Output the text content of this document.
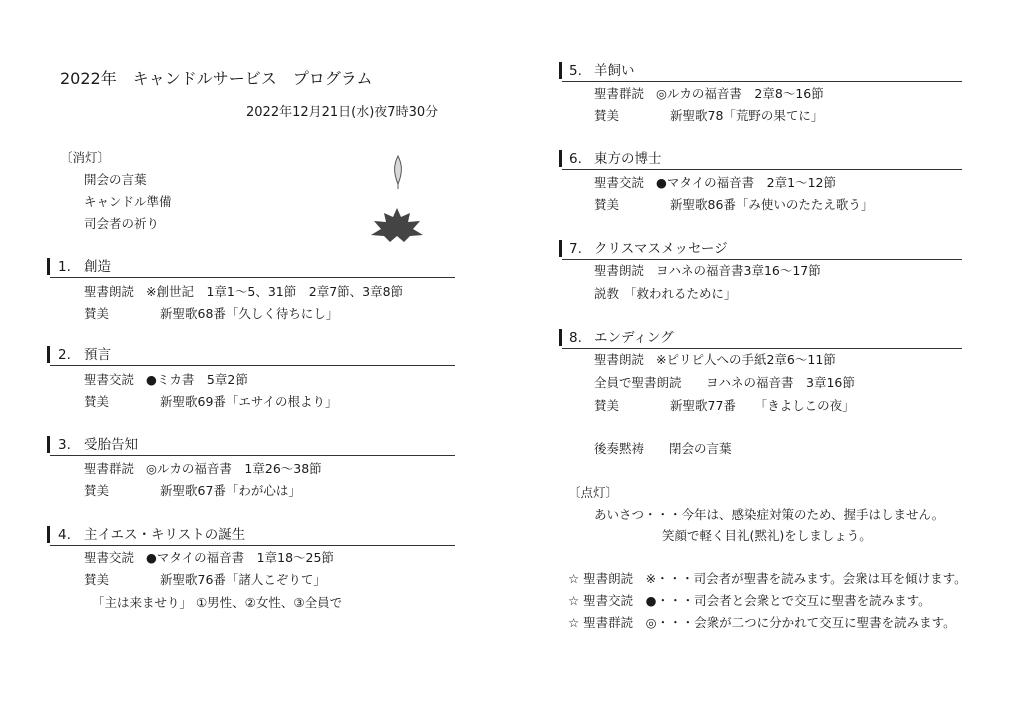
2022年　キャンドルサービス　プログラム
2022年12月21日(水)夜7時30分
〔消灯〕
開会の言葉
キャンドル準備
司会者の祈り
1. 創造
聖書朗読 ※創世記　1章1～5、31節　2章7節、3章8節
賛美	新聖歌68番「久しく待ちにし」
2. 預言
聖書交読 ●ミカ書　5章2節
賛美	新聖歌69番「エサイの根より」
3. 受胎告知
聖書群読 ◎ルカの福音書　1章26～38節
賛美	新聖歌67番「わが心は」
4. 主イエス・キリストの誕生
聖書交読 ●マタイの福音書　1章18～25節
賛美	新聖歌76番「諸人こぞりて」
「主は来ませり」 ①男性、②女性、③全員で
5. 羊飼い
聖書群読 ◎ルカの福音書　2章8～16節
賛美	新聖歌78「荒野の果てに」
6. 東方の博士
聖書交読 ●マタイの福音書　2章1～12節
賛美	新聖歌86番「み使いのたたえ歌う」
7. クリスマスメッセージ
聖書朗読 ヨハネの福音書3章16～17節
説教 「救われるために」
8. エンディング
聖書朗読 ※ピリピ人への手紙2章6～11節
全員で聖書朗読 ヨハネの福音書　3章16節
賛美	新聖歌77番　　「きよしこの夜」
後奏黙祷　　閉会の言葉
〔点灯〕
あいさつ・・・今年は、感染症対策のため、握手はしません。
笑顔で軽く目礼(黙礼)をしましょう。
☆ 聖書朗読　※・・・司会者が聖書を読みます。会衆は耳を傾けます。
☆ 聖書交読　●・・・司会者と会衆とで交互に聖書を読みます。
☆ 聖書群読　◎・・・会衆が二つに分かれて交互に聖書を読みます。
